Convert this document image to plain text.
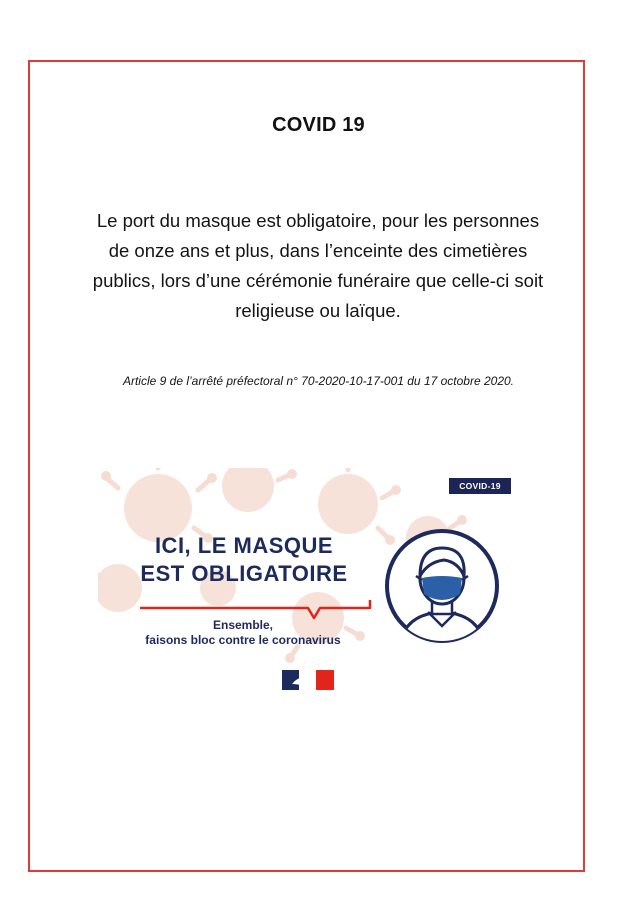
COVID 19
Le port du masque est obligatoire, pour les personnes
de onze ans et plus, dans l’enceinte des cimetières
publics, lors d’une cérémonie funéraire que celle-ci soit
religieuse ou laïque.
Article 9 de l’arrêté préfectoral n° 70-2020-10-17-001 du 17 octobre 2020.
COVID-19
ICI, LE MASQUE
EST OBLIGATOIRE
Ensemble,
faisons bloc contre le coronavirus
